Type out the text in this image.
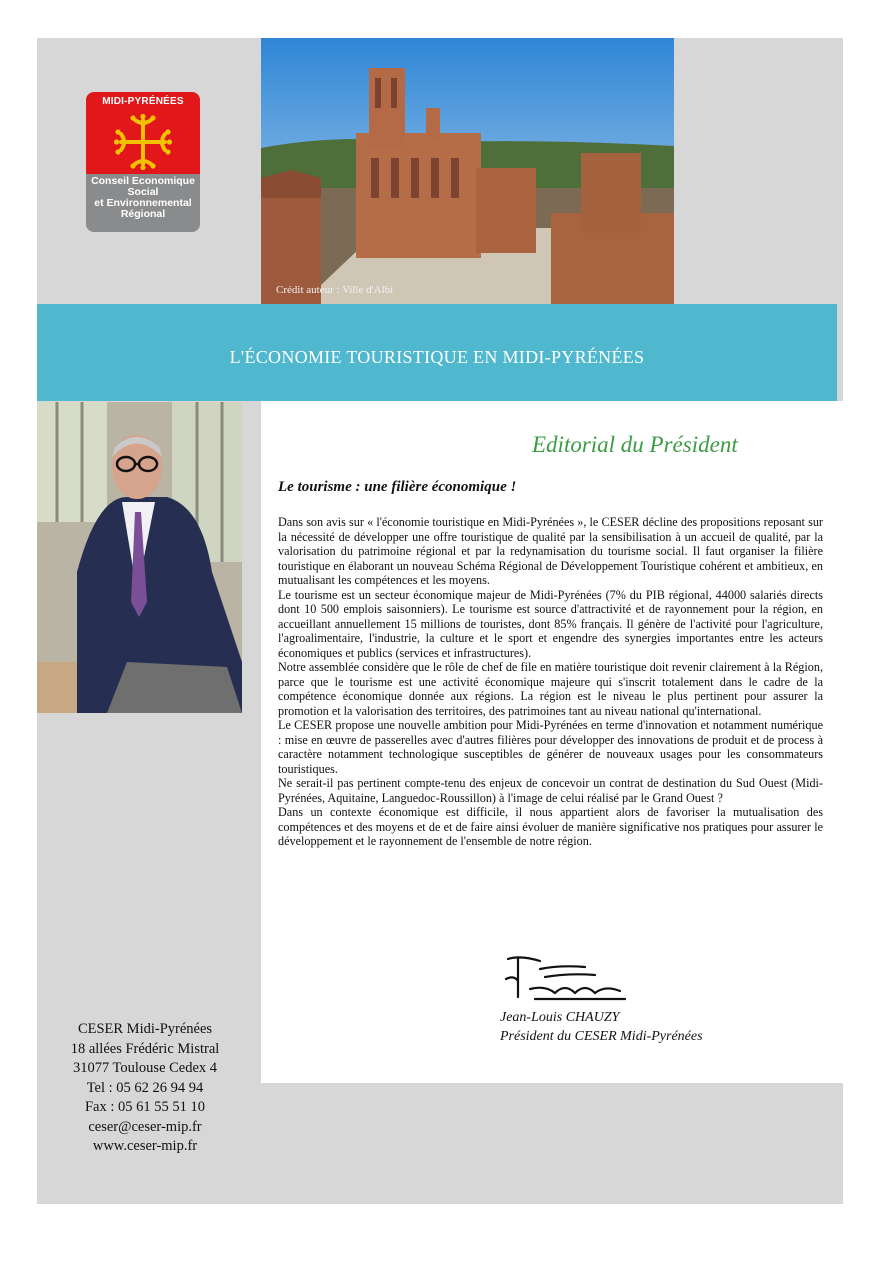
MIDI-PYRÉNÉES
Conseil Economique
Social
et Environnemental
Régional
Crédit auteur : Ville d'Albi
L'ÉCONOMIE TOURISTIQUE EN MIDI-PYRÉNÉES
Editorial du Président
Le tourisme : une filière économique !

Dans son avis sur « l'économie touristique en Midi-Pyrénées », le CESER décline des propositions reposant sur la nécessité de développer une offre touristique de qualité par la sensibilisation à un accueil de qualité, par la valorisation du patrimoine régional et par la redynamisation du tourisme social. Il faut organiser la filière touristique en élaborant un nouveau Schéma Régional de Développement Touristique cohérent et ambitieux, en mutualisant les compétences et les moyens.

Le tourisme est un secteur économique majeur de Midi-Pyrénées (7% du PIB régional, 44000 salariés directs dont 10 500 emplois saisonniers). Le tourisme est source d'attractivité et de rayonnement pour la région, en accueillant annuellement 15 millions de touristes, dont 85% français. Il génère de l'activité pour l'agriculture, l'agroalimentaire, l'industrie, la culture et le sport et engendre des synergies importantes entre les acteurs économiques et publics (services et infrastructures).

Notre assemblée considère que le rôle de chef de file en matière touristique doit revenir clairement à la Région, parce que le tourisme est une activité économique majeure qui s'inscrit totalement dans le cadre de la compétence économique donnée aux régions. La région est le niveau le plus pertinent pour assurer la promotion et la valorisation des territoires, des patrimoines tant au niveau national qu'international.

Le CESER propose une nouvelle ambition pour Midi-Pyrénées en terme d'innovation et notamment numérique : mise en œuvre de passerelles avec d'autres filières pour développer des innovations de produit et de process à caractère notamment technologique susceptibles de générer de nouveaux usages pour les consommateurs touristiques.

Ne serait-il pas pertinent compte-tenu des enjeux de concevoir un contrat de destination du Sud Ouest (Midi-Pyrénées, Aquitaine, Languedoc-Roussillon) à l'image de celui réalisé par le Grand Ouest ?

Dans un contexte économique est difficile, il nous appartient alors de favoriser la mutualisation des compétences et des moyens et de et de faire ainsi évoluer de manière significative nos pratiques pour assurer le développement et le rayonnement de l'ensemble de notre région.

Jean-Louis CHAUZY
Président du CESER Midi-Pyrénées
CESER Midi-Pyrénées
18 allées Frédéric Mistral
31077 Toulouse Cedex 4
Tel : 05 62 26 94 94
Fax : 05 61 55 51 10
ceser@ceser-mip.fr
www.ceser-mip.fr
